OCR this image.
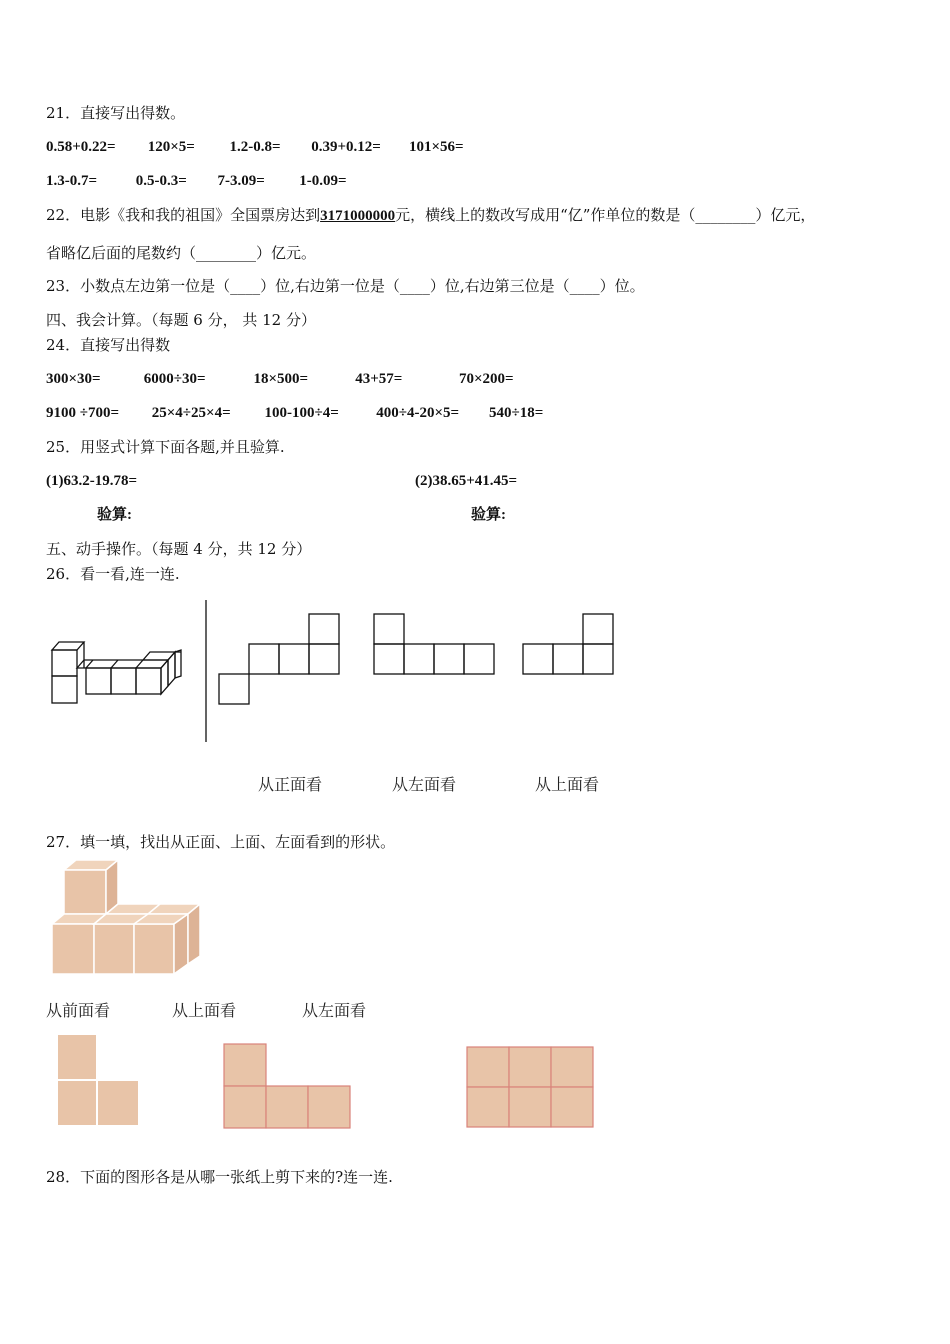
21．直接写出得数。
0.58+0.22= 120×5= 1.2-0.8= 0.39+0.12= 101×56=
1.3-0.7=	0.5-0.3= 7-3.09= 1-0.09=
22．电影《我和我的祖国》全国票房达到3171000000元，横线上的数改写成用“亿”作单位的数是（________）亿元，
省略亿后面的尾数约（________）亿元。
23．小数点左边第一位是（____）位,右边第一位是（____）位,右边第三位是（____）位。
四、我会计算。（每题 6 分， 共 12 分）
24．直接写出得数
300×30=	6000÷30=	18×500=	43+57=	70×200=
9100 ÷700= 25×4÷25×4= 100-100÷4= 400÷4-20×5= 540÷18=
25．用竖式计算下面各题,并且验算.
(1)63.2-19.78=	(2)38.65+41.45=
验算:	验算:
五、动手操作。（每题 4 分，共 12 分）
26．看一看,连一连.
从正面看	从左面看	从上面看
27．填一填，找出从正面、上面、左面看到的形状。
从前面看	从上面看	从左面看
28．下面的图形各是从哪一张纸上剪下来的?连一连.
